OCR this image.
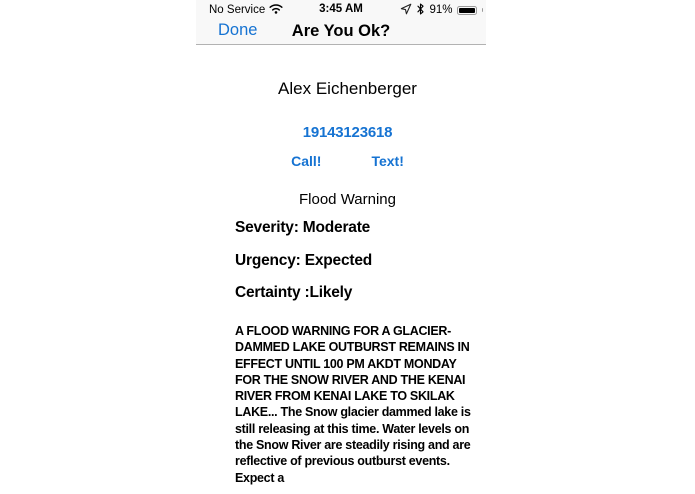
No Service	3:45 AM	91%
Done	Are You Ok?
Alex Eichenberger
19143123618
Call!	Text!
Flood Warning
Severity: Moderate
Urgency: Expected
Certainty :Likely
A FLOOD WARNING FOR A GLACIER-DAMMED LAKE OUTBURST REMAINS IN EFFECT UNTIL 100 PM AKDT MONDAY FOR THE SNOW RIVER AND THE KENAI RIVER FROM KENAI LAKE TO SKILAK LAKE... The Snow glacier dammed lake is still releasing at this time. Water levels on the Snow River are steadily rising and are reflective of previous outburst events. Expect a
